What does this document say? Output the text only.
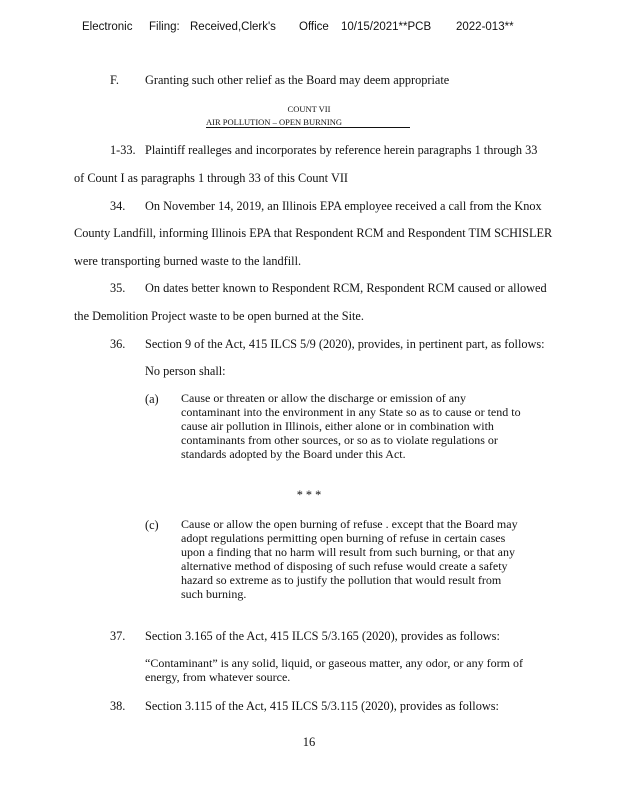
Electronic Filing: Received,Clerk's Office 10/15/2021**PCB 2022-013**
F. Granting such other relief as the Board may deem appropriate
COUNT VII
AIR POLLUTION – OPEN BURNING
1-33. Plaintiff realleges and incorporates by reference herein paragraphs 1 through 33
of Count I as paragraphs 1 through 33 of this Count VII
34. On November 14, 2019, an Illinois EPA employee received a call from the Knox
County Landfill, informing Illinois EPA that Respondent RCM and Respondent TIM SCHISLER
were transporting burned waste to the landfill.
35. On dates better known to Respondent RCM, Respondent RCM caused or allowed
the Demolition Project waste to be open burned at the Site.
36. Section 9 of the Act, 415 ILCS 5/9 (2020), provides, in pertinent part, as follows:
No person shall:
(a) Cause or threaten or allow the discharge or emission of any contaminant into the environment in any State so as to cause or tend to cause air pollution in Illinois, either alone or in combination with contaminants from other sources, or so as to violate regulations or standards adopted by the Board under this Act.
* * *
(c) Cause or allow the open burning of refuse . except that the Board may adopt regulations permitting open burning of refuse in certain cases upon a finding that no harm will result from such burning, or that any alternative method of disposing of such refuse would create a safety hazard so extreme as to justify the pollution that would result from such burning.
37. Section 3.165 of the Act, 415 ILCS 5/3.165 (2020), provides as follows:
“Contaminant” is any solid, liquid, or gaseous matter, any odor, or any form of energy, from whatever source.
38. Section 3.115 of the Act, 415 ILCS 5/3.115 (2020), provides as follows:
16
